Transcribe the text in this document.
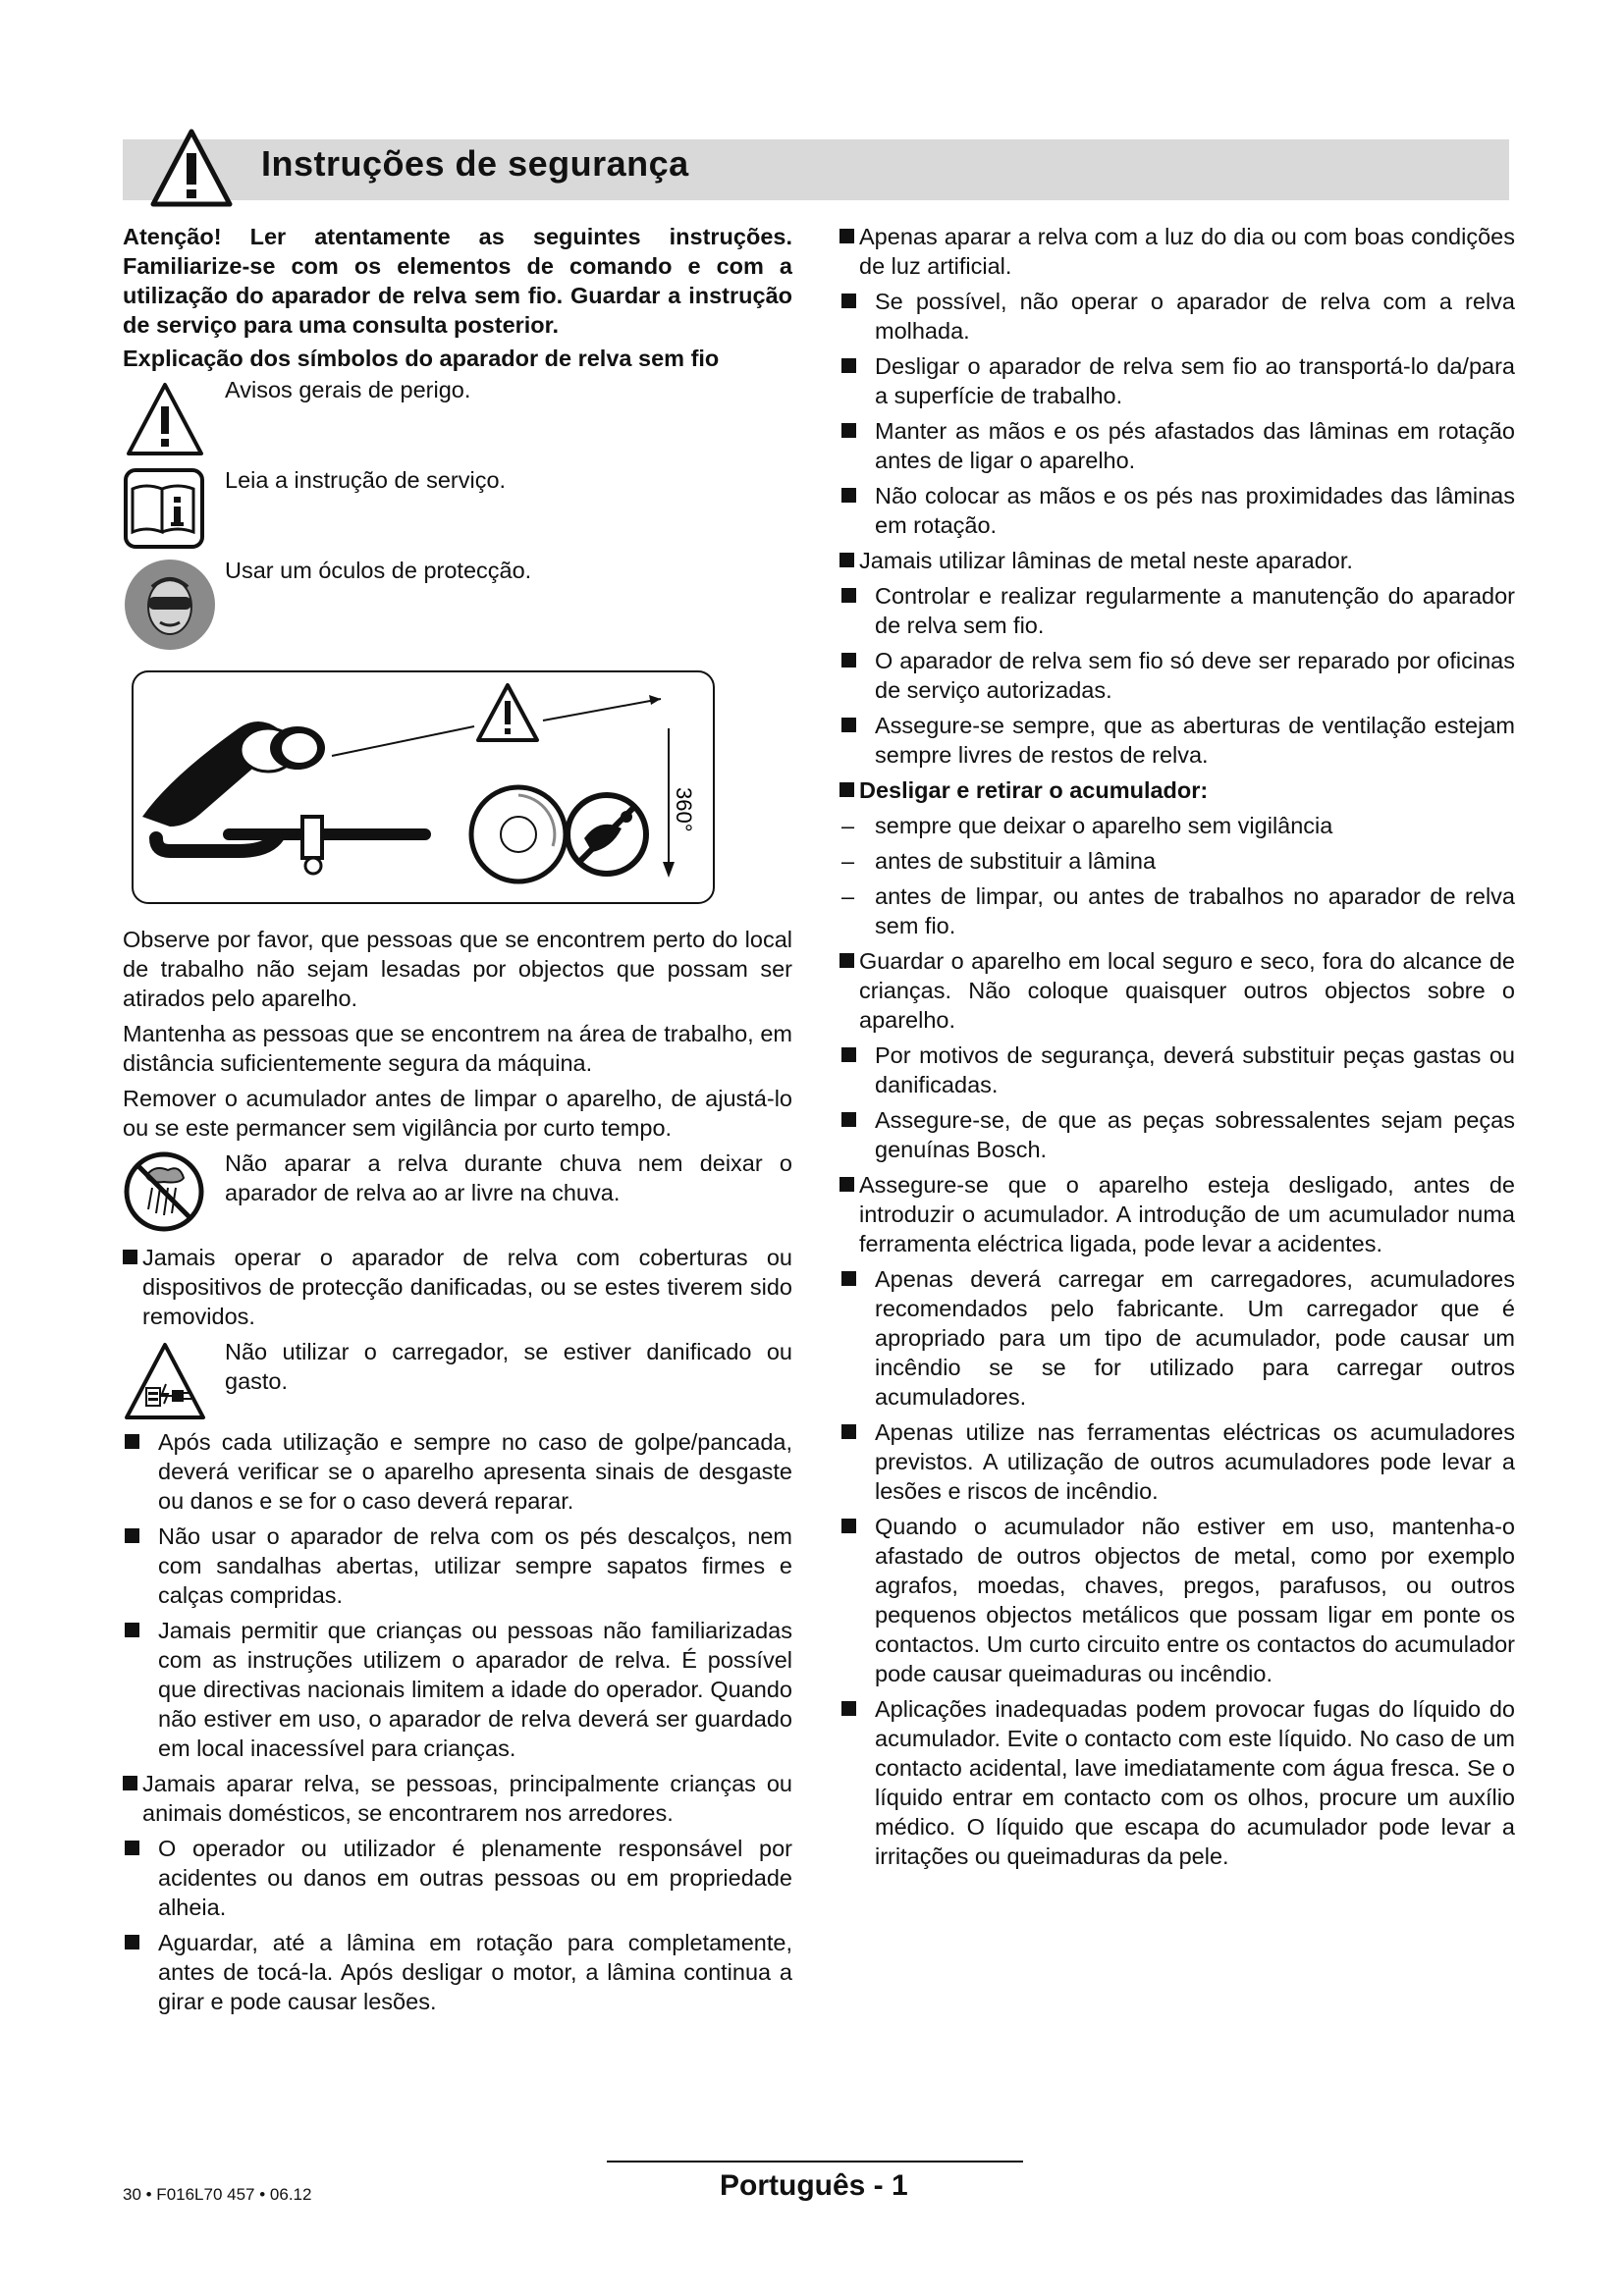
Instruções de segurança

Atenção! Ler atentamente as seguintes instruções. Familiarize-se com os elementos de comando e com a utilização do aparador de relva sem fio. Guardar a instrução de serviço para uma consulta posterior.

Explicação dos símbolos do aparador de relva sem fio

Avisos gerais de perigo.

Leia a instrução de serviço.

Usar um óculos de protecção.

360°

Observe por favor, que pessoas que se encontrem perto do local de trabalho não sejam lesadas por objectos que possam ser atirados pelo aparelho.

Mantenha as pessoas que se encontrem na área de trabalho, em distância suficientemente segura da máquina.

Remover o acumulador antes de limpar o aparelho, de ajustá-lo ou se este permancer sem vigilância por curto tempo.

Não aparar a relva durante chuva nem deixar o aparador de relva ao ar livre na chuva.

Jamais operar o aparador de relva com coberturas ou dispositivos de protecção danificadas, ou se estes tiverem sido removidos.

Não utilizar o carregador, se estiver danificado ou gasto.

Após cada utilização e sempre no caso de golpe/pancada, deverá verificar se o aparelho apresenta sinais de desgaste ou danos e se for o caso deverá reparar.

Não usar o aparador de relva com os pés descalços, nem com sandalhas abertas, utilizar sempre sapatos firmes e calças compridas.

Jamais permitir que crianças ou pessoas não familiarizadas com as instruções utilizem o aparador de relva. É possível que directivas nacionais limitem a idade do operador. Quando não estiver em uso, o aparador de relva deverá ser guardado em local inacessível para crianças.

Jamais aparar relva, se pessoas, principalmente crianças ou animais domésticos, se encontrarem nos arredores.

O operador ou utilizador é plenamente responsável por acidentes ou danos em outras pessoas ou em propriedade alheia.

Aguardar, até a lâmina em rotação para completamente, antes de tocá-la. Após desligar o motor, a lâmina continua a girar e pode causar lesões.

Apenas aparar a relva com a luz do dia ou com boas condições de luz artificial.

Se possível, não operar o aparador de relva com a relva molhada.

Desligar o aparador de relva sem fio ao transportá-lo da/para a superfície de trabalho.

Manter as mãos e os pés afastados das lâminas em rotação antes de ligar o aparelho.

Não colocar as mãos e os pés nas proximidades das lâminas em rotação.

Jamais utilizar lâminas de metal neste aparador.

Controlar e realizar regularmente a manutenção do aparador de relva sem fio.

O aparador de relva sem fio só deve ser reparado por oficinas de serviço autorizadas.

Assegure-se sempre, que as aberturas de ventilação estejam sempre livres de restos de relva.

Desligar e retirar o acumulador:

– sempre que deixar o aparelho sem vigilância

– antes de substituir a lâmina

– antes de limpar, ou antes de trabalhos no aparador de relva sem fio.

Guardar o aparelho em local seguro e seco, fora do alcance de crianças. Não coloque quaisquer outros objectos sobre o aparelho.

Por motivos de segurança, deverá substituir peças gastas ou danificadas.

Assegure-se, de que as peças sobressalentes sejam peças genuínas Bosch.

Assegure-se que o aparelho esteja desligado, antes de introduzir o acumulador. A introdução de um acumulador numa ferramenta eléctrica ligada, pode levar a acidentes.

Apenas deverá carregar em carregadores, acumuladores recomendados pelo fabricante. Um carregador que é apropriado para um tipo de acumulador, pode causar um incêndio se se for utilizado para carregar outros acumuladores.

Apenas utilize nas ferramentas eléctricas os acumuladores previstos. A utilização de outros acumuladores pode levar a lesões e riscos de incêndio.

Quando o acumulador não estiver em uso, mantenha-o afastado de outros objectos de metal, como por exemplo agrafos, moedas, chaves, pregos, parafusos, ou outros pequenos objectos metálicos que possam ligar em ponte os contactos. Um curto circuito entre os contactos do acumulador pode causar queimaduras ou incêndio.

Aplicações inadequadas podem provocar fugas do líquido do acumulador. Evite o contacto com este líquido. No caso de um contacto acidental, lave imediatamente com água fresca. Se o líquido entrar em contacto com os olhos, procure um auxílio médico. O líquido que escapa do acumulador pode levar a irritações ou queimaduras da pele.

30 • F016L70 457 • 06.12	Português - 1
